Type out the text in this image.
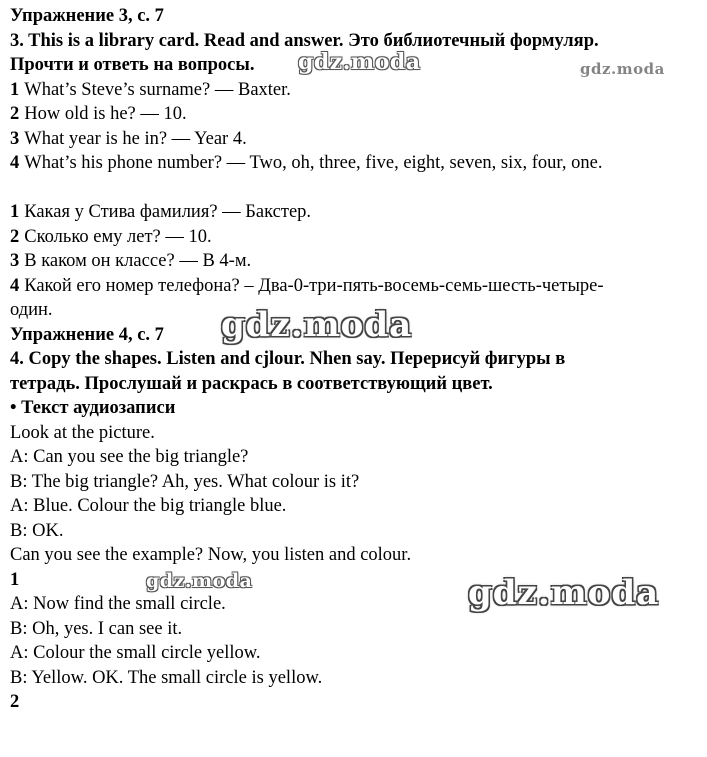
Упражнение 3, с. 7
3. This is a library card. Read and answer. Это библиотечный формуляр.
Прочти и ответь на вопросы.
1 What’s Steve’s surname? — Baxter.
2 How old is he? — 10.
3 What year is he in? — Year 4.
4 What’s his phone number? — Two, oh, three, five, eight, seven, six, four, one.
1 Какая у Стива фамилия? — Бакстер.
2 Сколько ему лет? — 10.
3 В каком он классе? — В 4-м.
4 Какой его номер телефона? – Два-0-три-пять-восемь-семь-шесть-четыре-
один.
Упражнение 4, с. 7
4. Copy the shapes. Listen and cjlour. Nhen say. Перерисуй фигуры в
тетрадь. Прослушай и раскрась в соответствующий цвет.
• Текст аудиозаписи
Look at the picture.
A: Can you see the big triangle?
B: The big triangle? Ah, yes. What colour is it?
A: Blue. Colour the big triangle blue.
B: OK.
Can you see the example? Now, you listen and colour.
1
A: Now find the small circle.
B: Oh, yes. I can see it.
A: Colour the small circle yellow.
B: Yellow. OK. The small circle is yellow.
2
gdz.moda	gdz.moda
gdz.moda
gdz.moda	gdz.moda
